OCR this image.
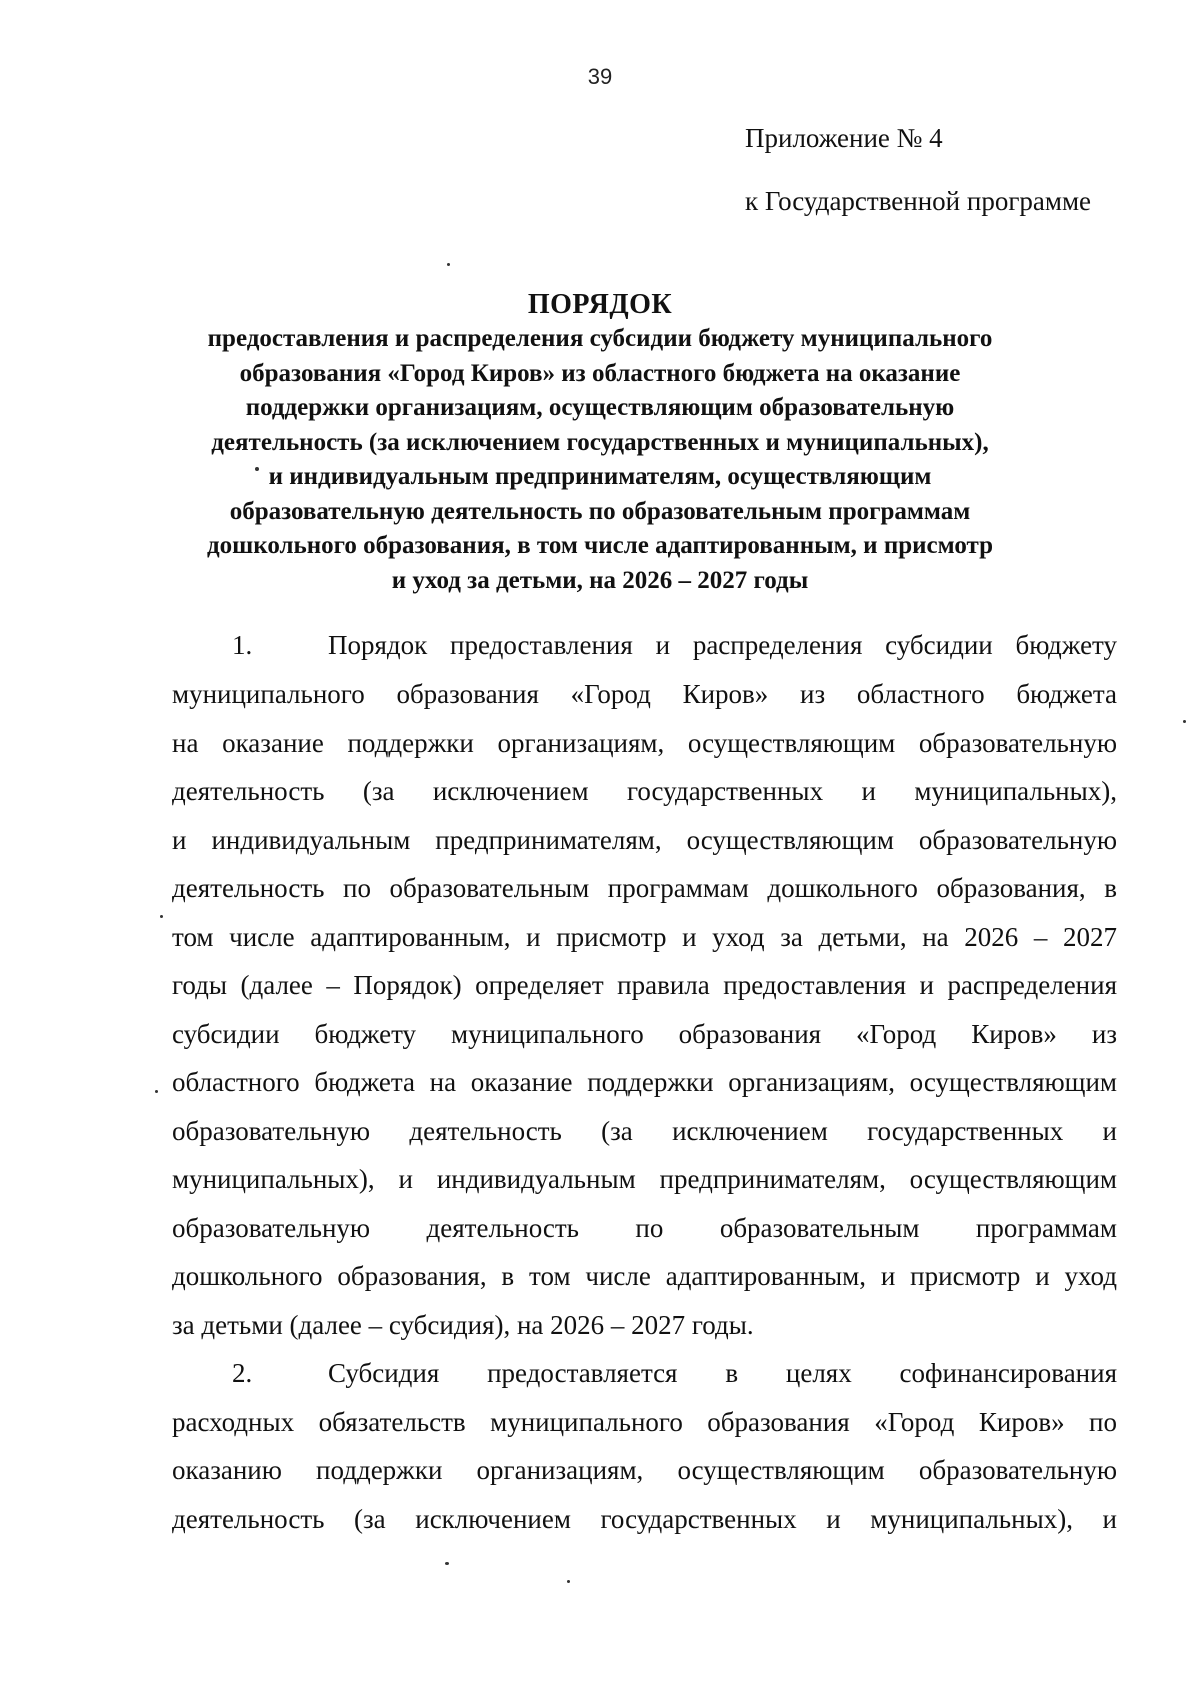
39
Приложение № 4
к Государственной программе
ПОРЯДОК
предоставления и распределения субсидии бюджету муниципального
образования «Город Киров» из областного бюджета на оказание
поддержки организациям, осуществляющим образовательную
деятельность (за исключением государственных и муниципальных),
и индивидуальным предпринимателям, осуществляющим
образовательную деятельность по образовательным программам
дошкольного образования, в том числе адаптированным, и присмотр
и уход за детьми, на 2026 – 2027 годы
1.	Порядок предоставления и распределения субсидии бюджету
муниципального образования «Город Киров» из областного бюджета
на оказание поддержки организациям, осуществляющим образовательную
деятельность (за исключением государственных и муниципальных),
и индивидуальным предпринимателям, осуществляющим образовательную
деятельность по образовательным программам дошкольного образования, в
том числе адаптированным, и присмотр и уход за детьми, на 2026 – 2027
годы (далее – Порядок) определяет правила предоставления и распределения
субсидии бюджету муниципального образования «Город Киров» из
областного бюджета на оказание поддержки организациям, осуществляющим
образовательную деятельность (за исключением государственных и
муниципальных), и индивидуальным предпринимателям, осуществляющим
образовательную деятельность по образовательным программам
дошкольного образования, в том числе адаптированным, и присмотр и уход
за детьми (далее – субсидия), на 2026 – 2027 годы.
2.	Субсидия предоставляется в целях софинансирования
расходных обязательств муниципального образования «Город Киров» по
оказанию поддержки организациям, осуществляющим образовательную
деятельность (за исключением государственных и муниципальных), и
